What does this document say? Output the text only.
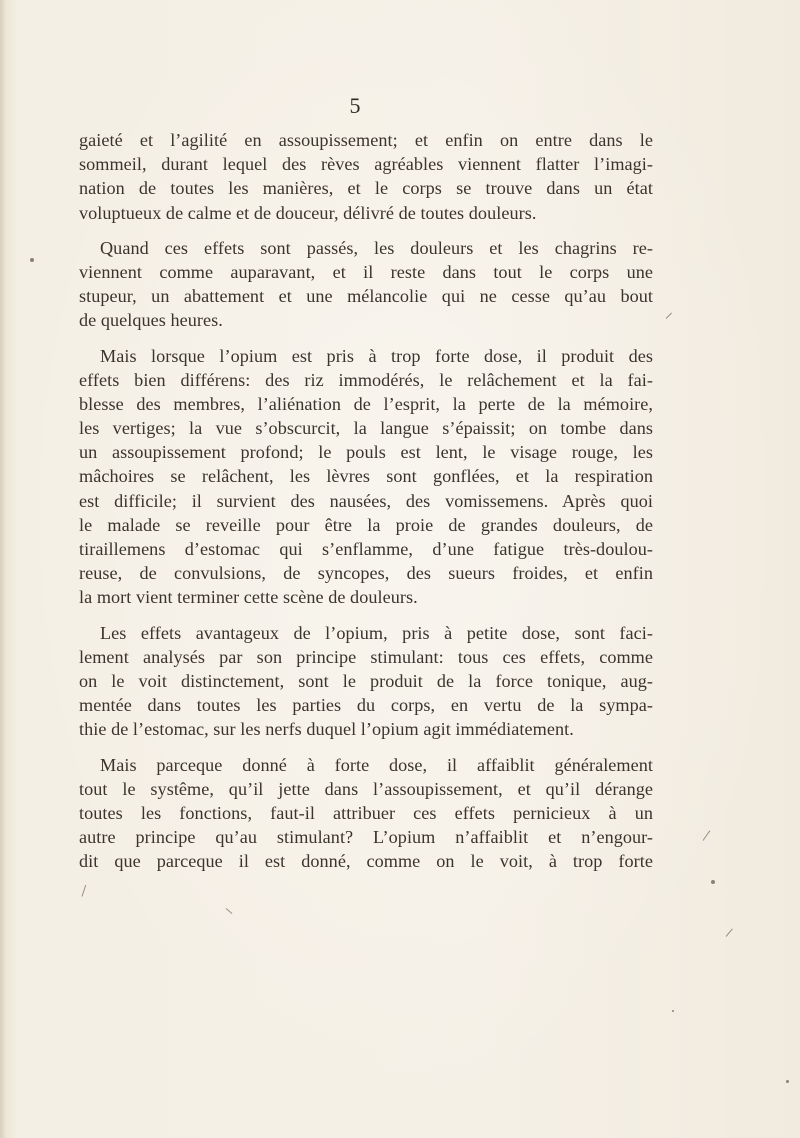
5
gaieté et l’agilité en assoupissement; et enfin on entre dans le
sommeil, durant lequel des rèves agréables viennent flatter l’imagi-
nation de toutes les manières, et le corps se trouve dans un état
voluptueux de calme et de douceur, délivré de toutes douleurs.
Quand ces effets sont passés, les douleurs et les chagrins re-
viennent comme auparavant, et il reste dans tout le corps une
stupeur, un abattement et une mélancolie qui ne cesse qu’au bout
de quelques heures.
Mais lorsque l’opium est pris à trop forte dose, il produit des
effets bien différens: des riz immodérés, le relâchement et la fai-
blesse des membres, l’aliénation de l’esprit, la perte de la mémoire,
les vertiges; la vue s’obscurcit, la langue s’épaissit; on tombe dans
un assoupissement profond; le pouls est lent, le visage rouge, les
mâchoires se relâchent, les lèvres sont gonflées, et la respiration
est difficile; il survient des nausées, des vomissemens. Après quoi
le malade se reveille pour être la proie de grandes douleurs, de
tiraillemens d’estomac qui s’enflamme, d’une fatigue très-doulou-
reuse, de convulsions, de syncopes, des sueurs froides, et enfin
la mort vient terminer cette scène de douleurs.
Les effets avantageux de l’opium, pris à petite dose, sont faci-
lement analysés par son principe stimulant: tous ces effets, comme
on le voit distinctement, sont le produit de la force tonique, aug-
mentée dans toutes les parties du corps, en vertu de la sympa-
thie de l’estomac, sur les nerfs duquel l’opium agit immédiatement.
Mais parceque donné à forte dose, il affaiblit généralement
tout le systême, qu’il jette dans l’assoupissement, et qu’il dérange
toutes les fonctions, faut-il attribuer ces effets pernicieux à un
autre principe qu’au stimulant? L’opium n’affaiblit et n’engour-
dit que parceque il est donné, comme on le voit, à trop forte
